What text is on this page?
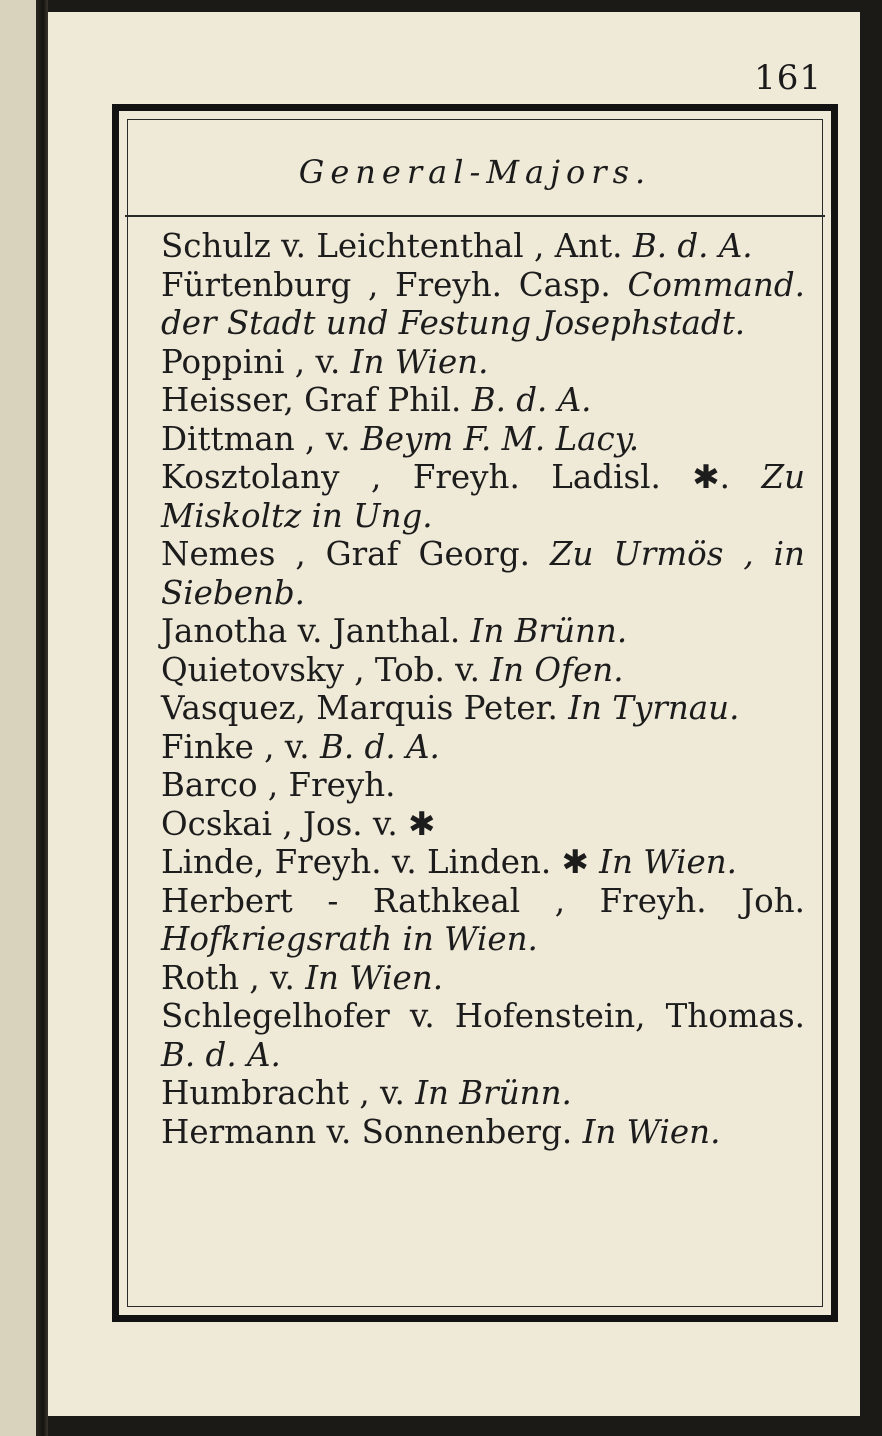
161
General-Majors.
Schulz v. Leichtenthal , Ant. B. d. A.
Fürtenburg , Freyh. Casp. Command. der Stadt und Festung Josephstadt.
Poppini , v. In Wien.
Heisser, Graf Phil. B. d. A.
Dittman , v. Beym F. M. Lacy.
Kosztolany , Freyh. Ladisl. ✱. Zu Miskoltz in Ung.
Nemes , Graf Georg. Zu Urmös , in Siebenb.
Janotha v. Janthal. In Brünn.
Quietovsky , Tob. v. In Ofen.
Vasquez, Marquis Peter. In Tyrnau.
Finke , v. B. d. A.
Barco , Freyh.
Ocskai , Jos. v. ✱
Linde, Freyh. v. Linden. ✱ In Wien.
Herbert - Rathkeal , Freyh. Joh. Hofkriegsrath in Wien.
Roth , v. In Wien.
Schlegelhofer v. Hofenstein, Thomas. B. d. A.
Humbracht , v. In Brünn.
Hermann v. Sonnenberg. In Wien.
